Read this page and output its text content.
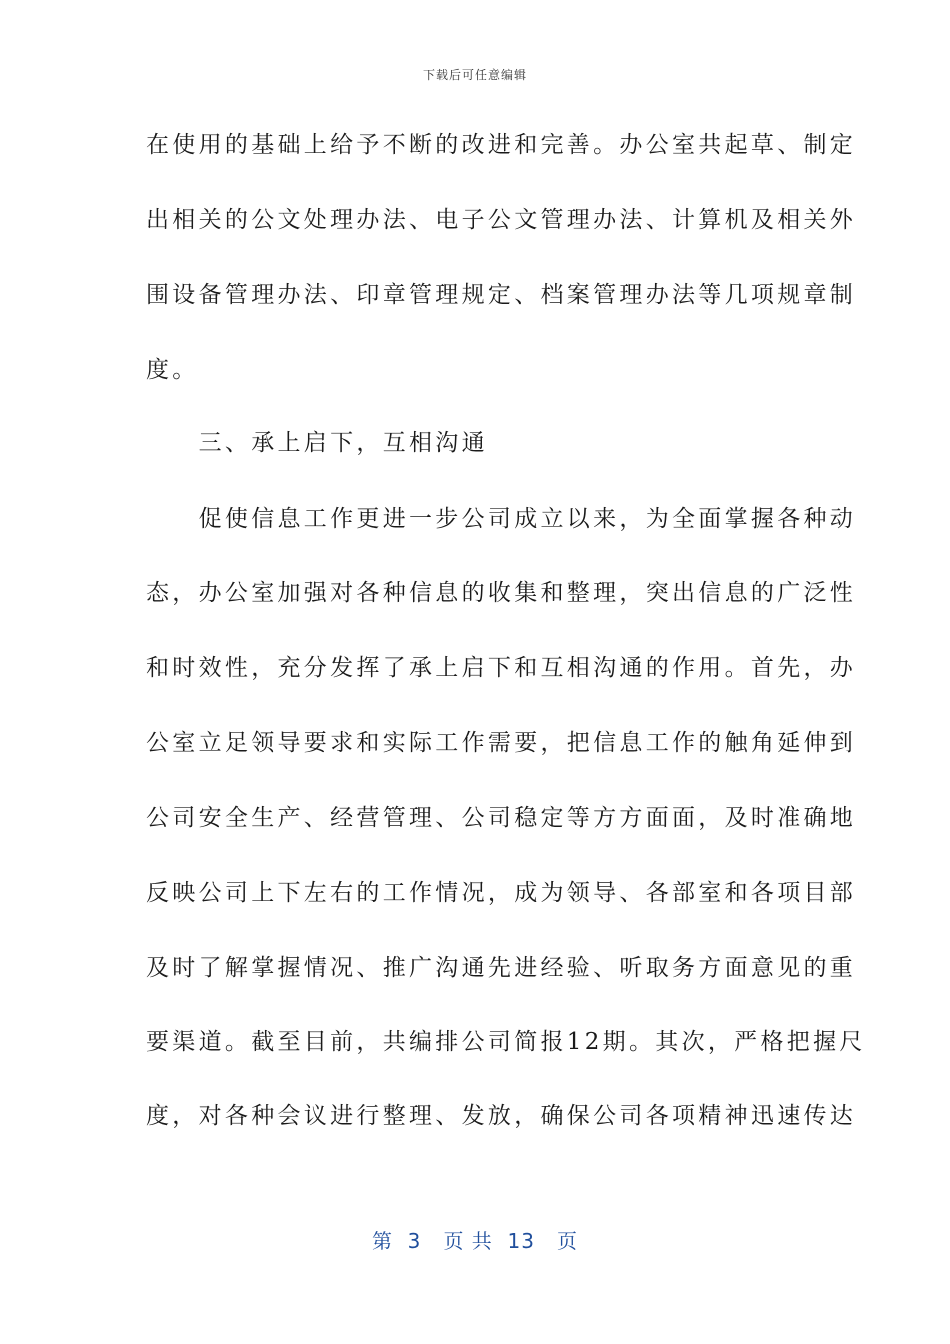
下载后可任意编辑
在使用的基础上给予不断的改进和完善。办公室共起草、制定
出相关的公文处理办法、电子公文管理办法、计算机及相关外
围设备管理办法、印章管理规定、档案管理办法等几项规章制
度。
　　三、承上启下，互相沟通
　　促使信息工作更进一步公司成立以来，为全面掌握各种动
态，办公室加强对各种信息的收集和整理，突出信息的广泛性
和时效性，充分发挥了承上启下和互相沟通的作用。首先，办
公室立足领导要求和实际工作需要，把信息工作的触角延伸到
公司安全生产、经营管理、公司稳定等方方面面，及时准确地
反映公司上下左右的工作情况，成为领导、各部室和各项目部
及时了解掌握情况、推广沟通先进经验、听取务方面意见的重
要渠道。截至目前，共编排公司简报12期。其次，严格把握尺
度，对各种会议进行整理、发放，确保公司各项精神迅速传达
第  3   页 共  13   页
